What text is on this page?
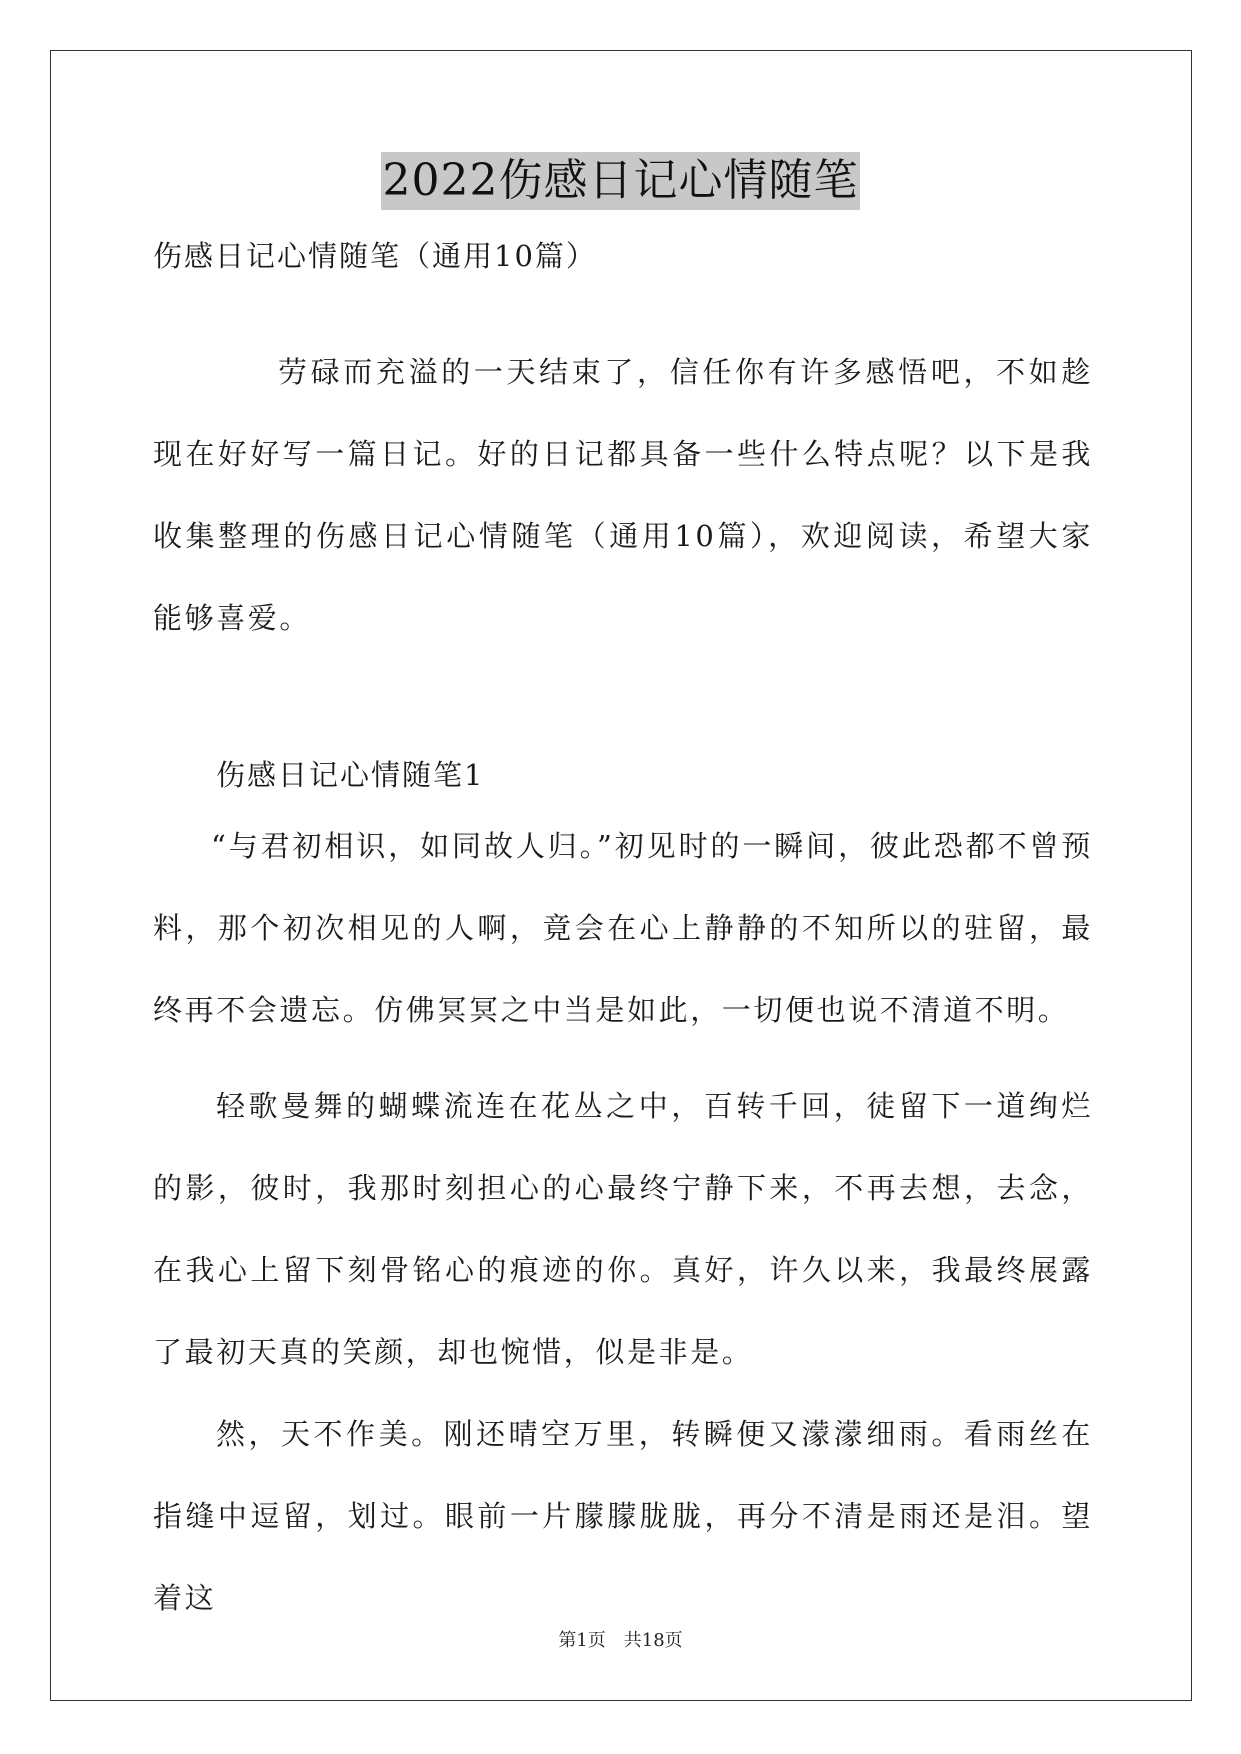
2022伤感日记心情随笔
伤感日记心情随笔（通用10篇）
劳碌而充溢的一天结束了，信任你有许多感悟吧，不如趁现在好好写一篇日记。好的日记都具备一些什么特点呢？以下是我收集整理的伤感日记心情随笔（通用10篇），欢迎阅读，希望大家能够喜爱。
伤感日记心情随笔1
“与君初相识，如同故人归。”初见时的一瞬间，彼此恐都不曾预料，那个初次相见的人啊，竟会在心上静静的不知所以的驻留，最终再不会遗忘。仿佛冥冥之中当是如此，一切便也说不清道不明。
轻歌曼舞的蝴蝶流连在花丛之中，百转千回，徒留下一道绚烂的影，彼时，我那时刻担心的心最终宁静下来，不再去想，去念，在我心上留下刻骨铭心的痕迹的你。真好，许久以来，我最终展露了最初天真的笑颜，却也惋惜，似是非是。
然，天不作美。刚还晴空万里，转瞬便又濛濛细雨。看雨丝在指缝中逗留，划过。眼前一片朦朦胧胧，再分不清是雨还是泪。望着这
第1页　共18页
